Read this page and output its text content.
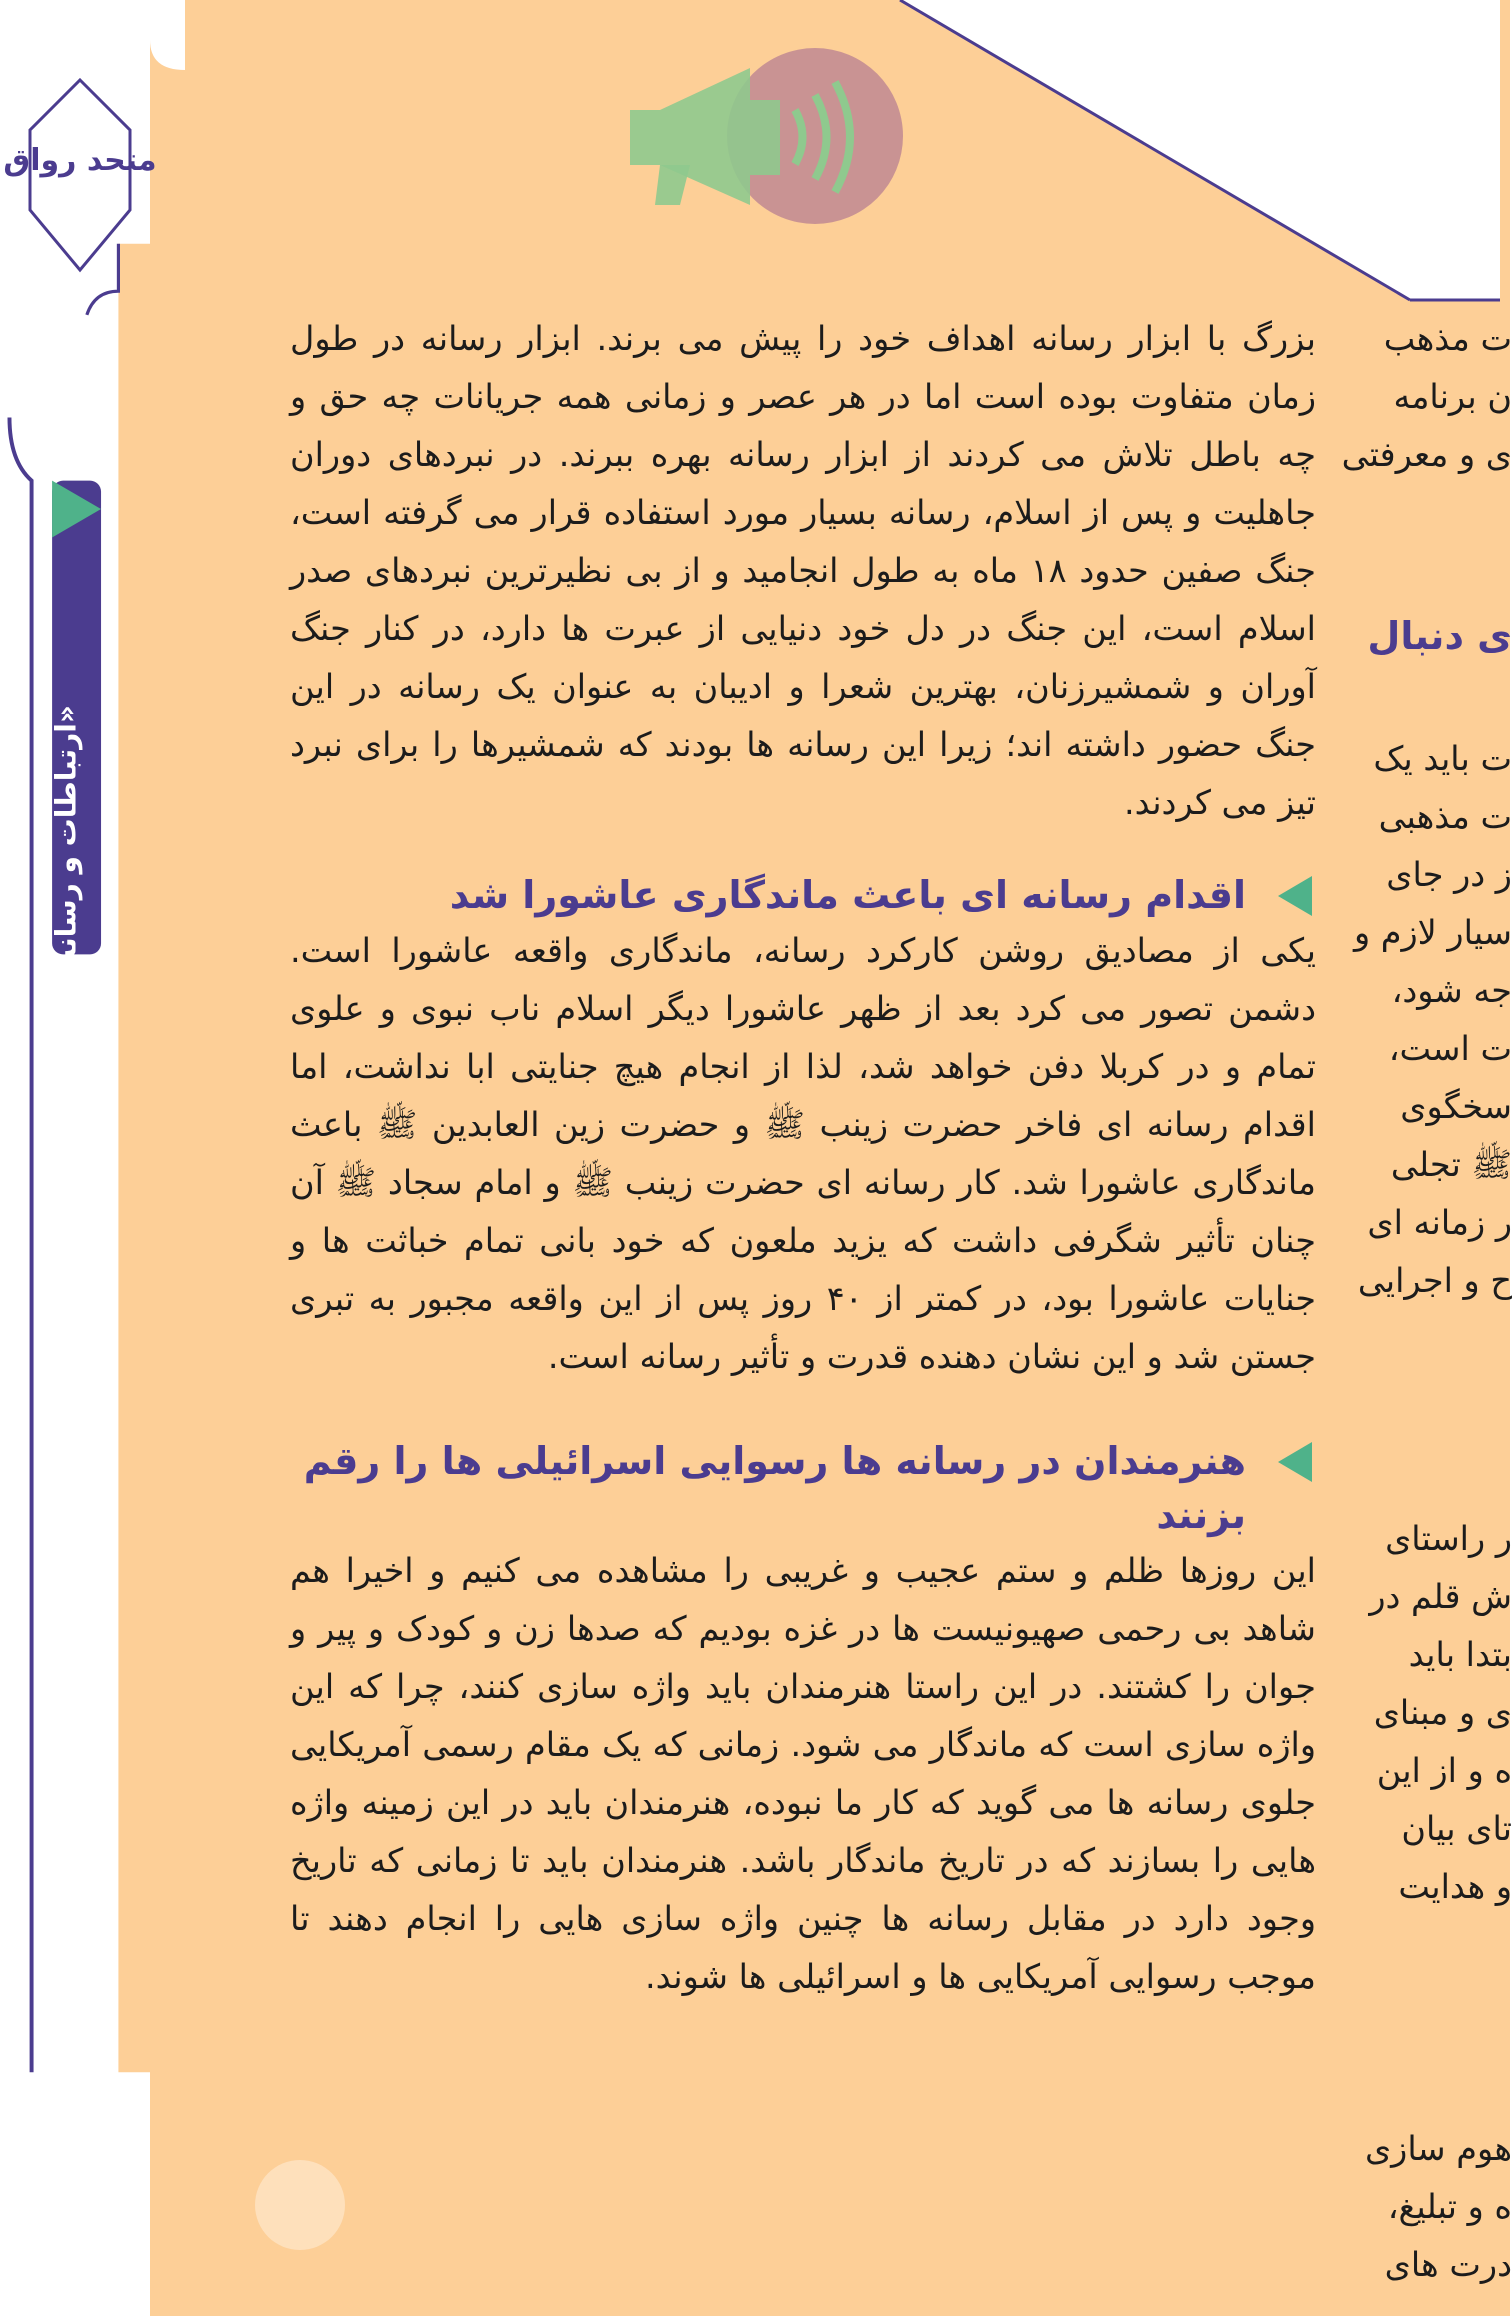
متحد رواق
«ارتباطات و رسانه در آستان قدس رضوی»

بزرگ با ابزار رسانه اهداف خود را پیش می برند. ابزار رسانه در طول زمان متفاوت بوده است اما در هر عصر و زمانی همه جریانات چه حق و چه باطل تلاش می کردند از ابزار رسانه بهره ببرند. در نبردهای دوران جاهلیت و پس از اسلام، رسانه بسیار مورد استفاده قرار می گرفته است، جنگ صفین حدود ۱۸ ماه به طول انجامید و از بی نظیرترین نبردهای صدر اسلام است، این جنگ در دل خود دنیایی از عبرت ها دارد، در کنار جنگ آوران و شمشیرزنان، بهترین شعرا و ادیبان به عنوان یک رسانه در این جنگ حضور داشته اند؛ زیرا این رسانه ها بودند که شمشیرها را برای نبرد تیز می کردند.

اقدام رسانه ای باعث ماندگاری عاشورا شد

یکی از مصادیق روشن کارکرد رسانه، ماندگاری واقعه عاشورا است. دشمن تصور می کرد بعد از ظهر عاشورا دیگر اسلام ناب نبوی و علوی تمام و در کربلا دفن خواهد شد، لذا از انجام هیچ جنایتی ابا نداشت، اما اقدام رسانه ای فاخر حضرت زینب ﷺ و حضرت زین العابدین ﷺ باعث ماندگاری عاشورا شد. کار رسانه ای حضرت زینب ﷺ و امام سجاد ﷺ آن چنان تأثیر شگرفی داشت که یزید ملعون که خود بانی تمام خباثت ها و جنایات عاشورا بود، در کمتر از ۴۰ روز پس از این واقعه مجبور به تبری جستن شد و این نشان دهنده قدرت و تأثیر رسانه است.

هنرمندان در رسانه ها رسوایی اسرائیلی ها را رقم بزنند

این روزها ظلم و ستم عجیب و غریبی را مشاهده می کنیم و اخیرا هم شاهد بی رحمی صهیونیست ها در غزه بودیم که صدها زن و کودک و پیر و جوان را کشتند. در این راستا هنرمندان باید واژه سازی کنند، چرا که این واژه سازی است که ماندگار می شود. زمانی که یک مقام رسمی آمریکایی جلوی رسانه ها می گوید که کار ما نبوده، هنرمندان باید در این زمینه واژه هایی را بسازند که در تاریخ ماندگار باشد. هنرمندان باید تا زمانی که تاریخ وجود دارد در مقابل رسانه ها چنین واژه سازی هایی را انجام دهند تا موجب رسوایی آمریکایی ها و اسرائیلی ها شوند.

ت مذهب
ن برنامه
ی و معرفتی
ی دنبال
ت باید یک
ت مذهبی
ز در جای
سیار لازم و
جه شود،
ت است،
سخگوی
ﷺ تجلی
ر زمانه ای
ح و اجرایی
ر راستای
ش قلم در
بتدا باید
ی و مبنای
ه و از این
تای بیان
و هدایت
هوم سازی
ه و تبلیغ،
درت های
